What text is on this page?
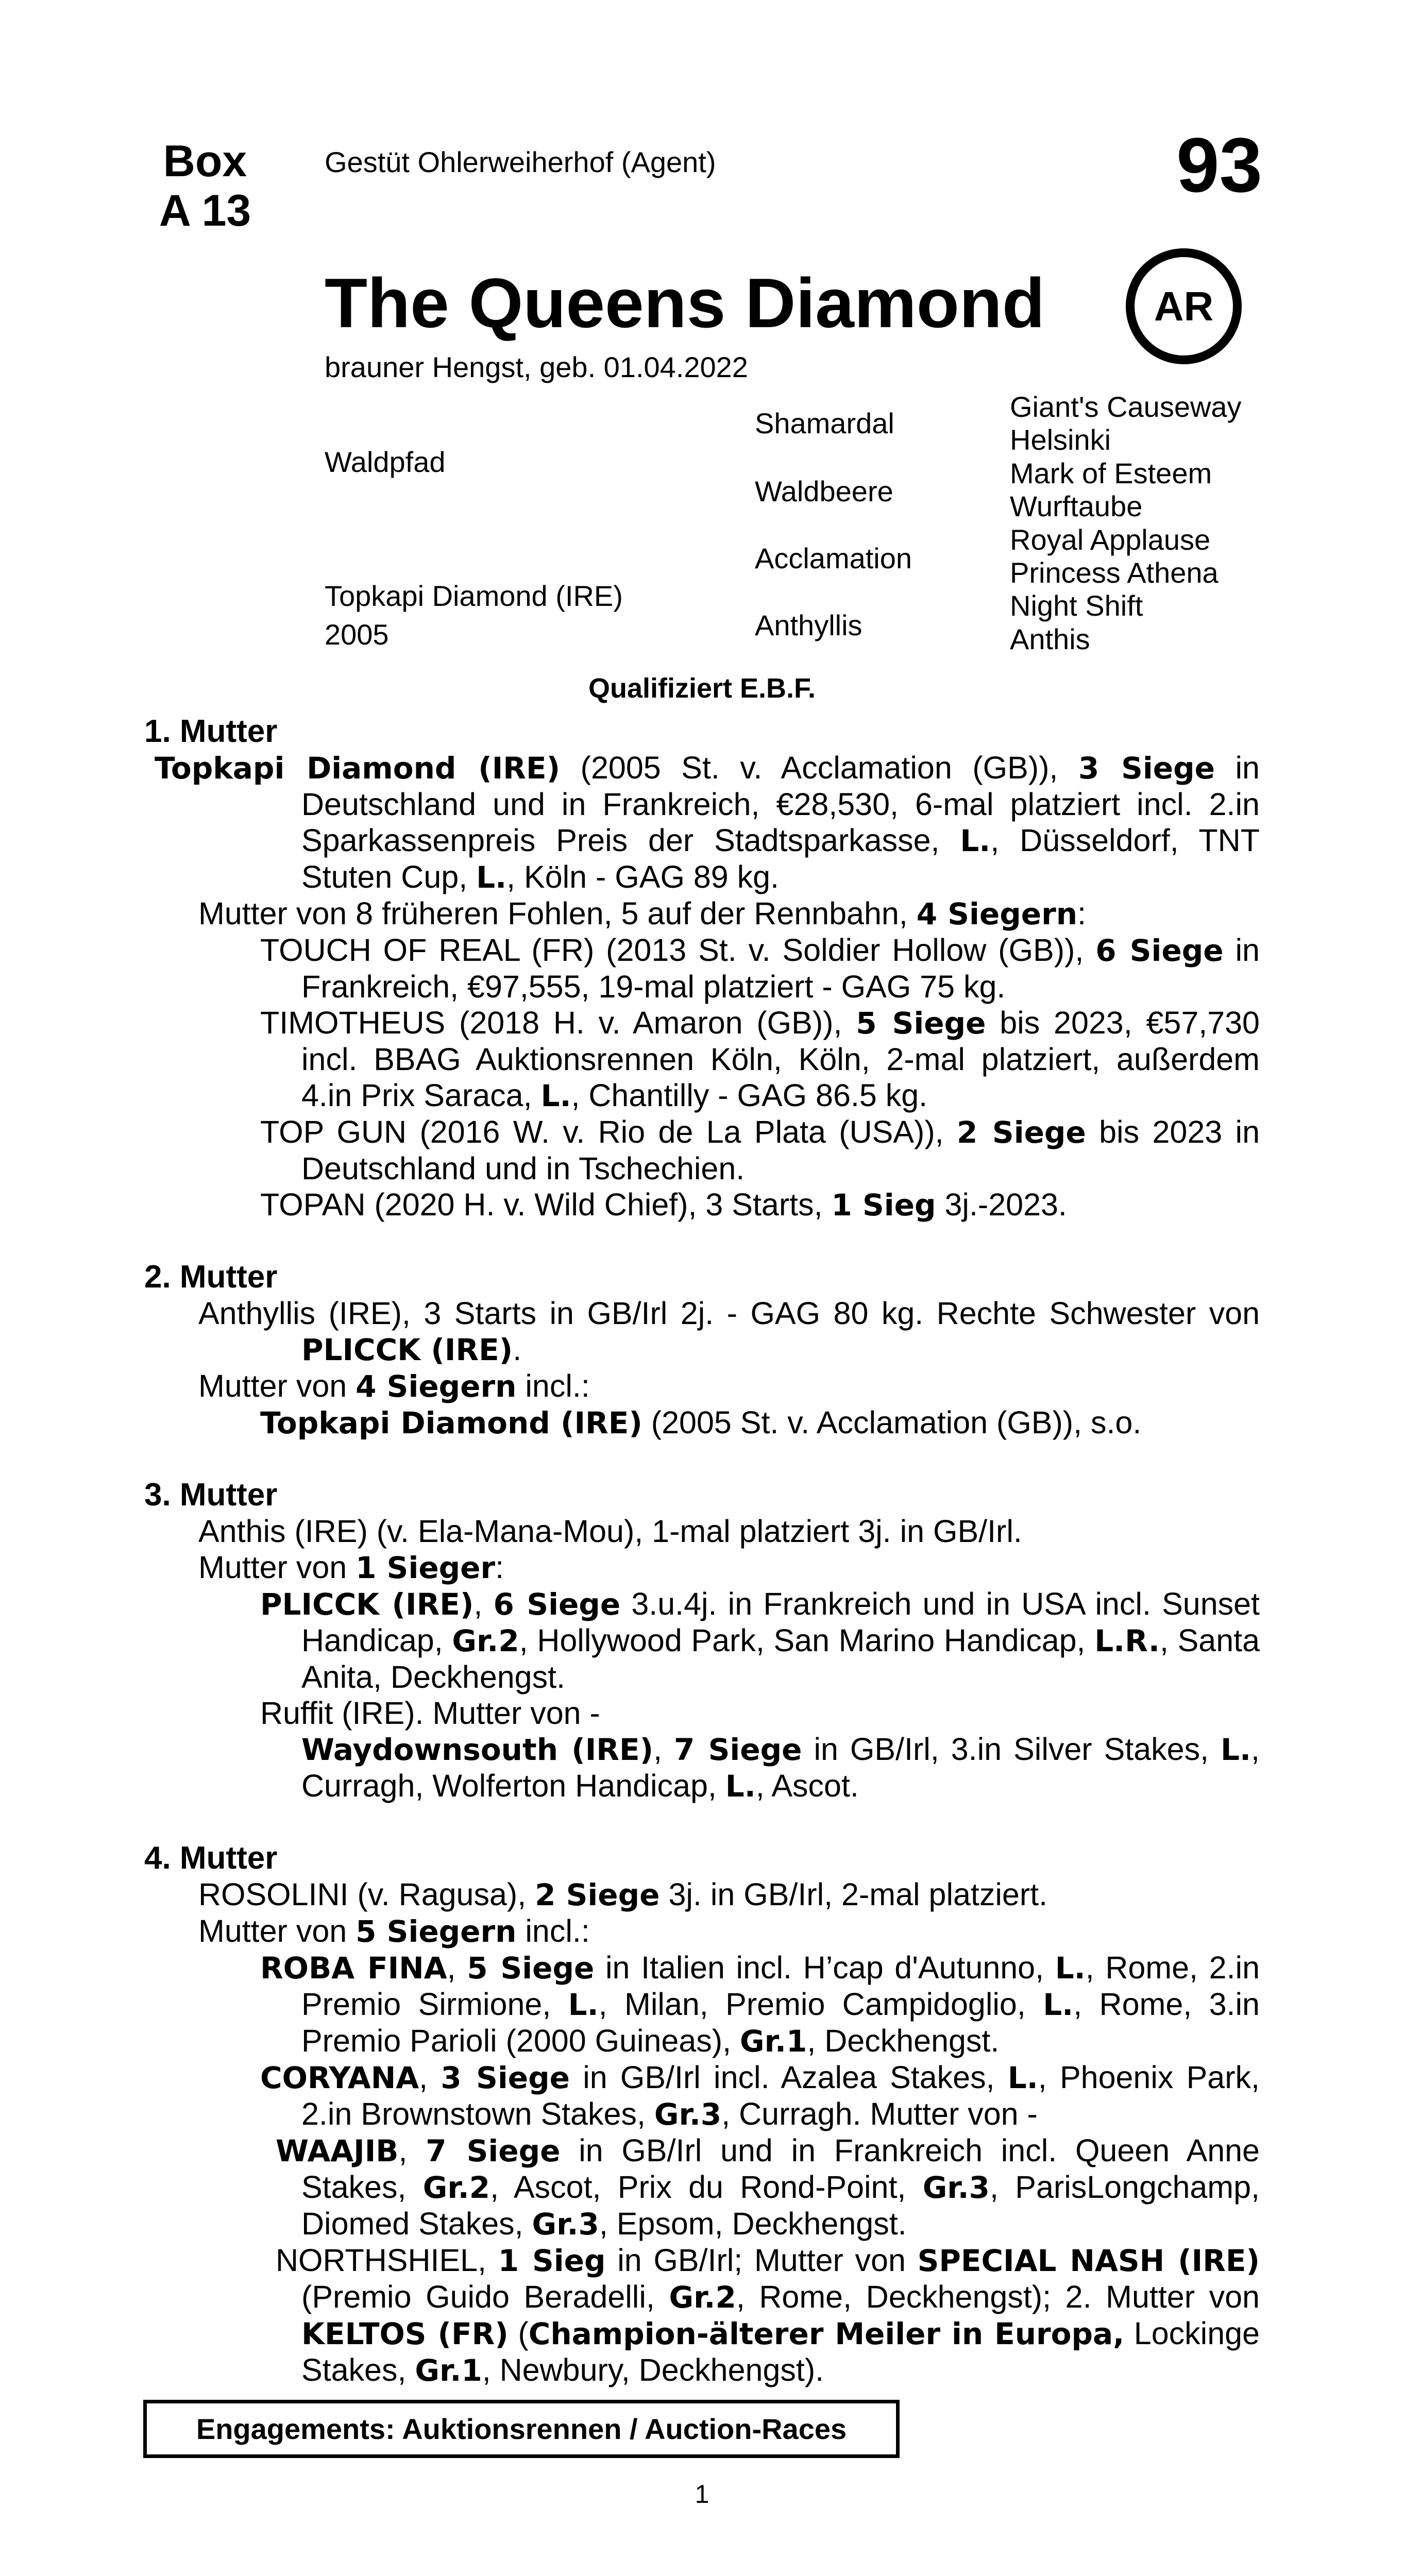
Box
A 13
Gestüt Ohlerweiherhof (Agent)	93
The Queens Diamond	AR
brauner Hengst, geb. 01.04.2022
Waldpfad
Topkapi Diamond (IRE)
2005
Shamardal
Waldbeere
Acclamation
Anthyllis
Giant's Causeway
Helsinki
Mark of Esteem
Wurftaube
Royal Applause
Princess Athena
Night Shift
Anthis
Qualifiziert E.B.F.
1. Mutter
Topkapi Diamond (IRE) (2005 St. v. Acclamation (GB)), 3 Siege in Deutschland und in Frankreich, €28,530, 6-mal platziert incl. 2.in Sparkassenpreis Preis der Stadtsparkasse, L., Düsseldorf, TNT Stuten Cup, L., Köln - GAG 89 kg.
Mutter von 8 früheren Fohlen, 5 auf der Rennbahn, 4 Siegern:
TOUCH OF REAL (FR) (2013 St. v. Soldier Hollow (GB)), 6 Siege in Frankreich, €97,555, 19-mal platziert - GAG 75 kg.
TIMOTHEUS (2018 H. v. Amaron (GB)), 5 Siege bis 2023, €57,730 incl. BBAG Auktionsrennen Köln, Köln, 2-mal platziert, außerdem 4.in Prix Saraca, L., Chantilly - GAG 86.5 kg.
TOP GUN (2016 W. v. Rio de La Plata (USA)), 2 Siege bis 2023 in Deutschland und in Tschechien.
TOPAN (2020 H. v. Wild Chief), 3 Starts, 1 Sieg 3j.-2023.
2. Mutter
Anthyllis (IRE), 3 Starts in GB/Irl 2j. - GAG 80 kg. Rechte Schwester von PLICCK (IRE).
Mutter von 4 Siegern incl.:
Topkapi Diamond (IRE) (2005 St. v. Acclamation (GB)), s.o.
3. Mutter
Anthis (IRE) (v. Ela-Mana-Mou), 1-mal platziert 3j. in GB/Irl.
Mutter von 1 Sieger:
PLICCK (IRE), 6 Siege 3.u.4j. in Frankreich und in USA incl. Sunset Handicap, Gr.2, Hollywood Park, San Marino Handicap, L.R., Santa Anita, Deckhengst.
Ruffit (IRE). Mutter von -
Waydownsouth (IRE), 7 Siege in GB/Irl, 3.in Silver Stakes, L., Curragh, Wolferton Handicap, L., Ascot.
4. Mutter
ROSOLINI (v. Ragusa), 2 Siege 3j. in GB/Irl, 2-mal platziert.
Mutter von 5 Siegern incl.:
ROBA FINA, 5 Siege in Italien incl. H’cap d'Autunno, L., Rome, 2.in Premio Sirmione, L., Milan, Premio Campidoglio, L., Rome, 3.in Premio Parioli (2000 Guineas), Gr.1, Deckhengst.
CORYANA, 3 Siege in GB/Irl incl. Azalea Stakes, L., Phoenix Park, 2.in Brownstown Stakes, Gr.3, Curragh. Mutter von -
WAAJIB, 7 Siege in GB/Irl und in Frankreich incl. Queen Anne Stakes, Gr.2, Ascot, Prix du Rond-Point, Gr.3, ParisLongchamp, Diomed Stakes, Gr.3, Epsom, Deckhengst.
NORTHSHIEL, 1 Sieg in GB/Irl; Mutter von SPECIAL NASH (IRE) (Premio Guido Beradelli, Gr.2, Rome, Deckhengst); 2. Mutter von KELTOS (FR) (Champion-älterer Meiler in Europa, Lockinge Stakes, Gr.1, Newbury, Deckhengst).
Engagements: Auktionsrennen / Auction-Races
1
